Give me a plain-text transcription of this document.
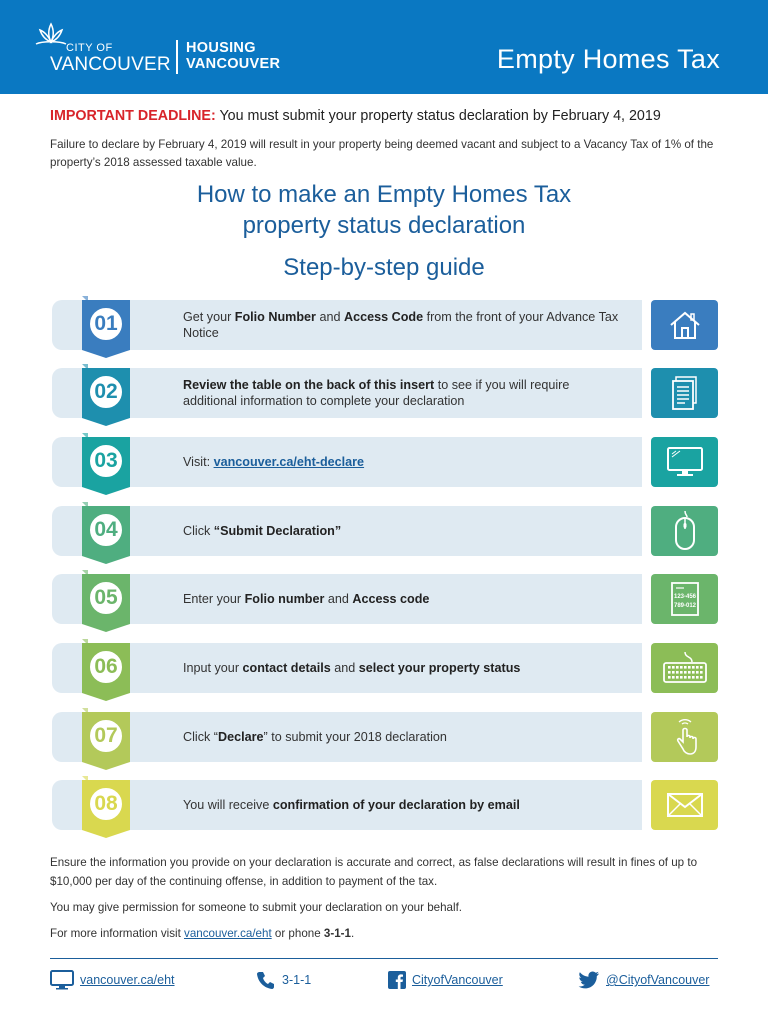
CITY OF
VANCOUVER
HOUSING
VANCOUVER	Empty Homes Tax
IMPORTANT DEADLINE: You must submit your property status declaration by February 4, 2019
Failure to declare by February 4, 2019 will result in your property being deemed vacant and subject to a Vacancy Tax of 1% of the property’s 2018 assessed taxable value.
How to make an Empty Homes Tax
property status declaration
Step-by-step guide
01	Get your Folio Number and Access Code from the front of your Advance Tax Notice
02	Review the table on the back of this insert to see if you will require additional information to complete your declaration
03	Visit: vancouver.ca/eht-declare
04	Click “Submit Declaration”
05	Enter your Folio number and Access code	123-456
789-012
06	Input your contact details and select your property status
07	Click “Declare” to submit your 2018 declaration
08	You will receive confirmation of your declaration by email
Ensure the information you provide on your declaration is accurate and correct, as false declarations will result in fines of up to $10,000 per day of the continuing offense, in addition to payment of the tax.
You may give permission for someone to submit your declaration on your behalf.
For more information visit vancouver.ca/eht or phone 3-1-1.
vancouver.ca/eht	3-1-1	CityofVancouver	@CityofVancouver
